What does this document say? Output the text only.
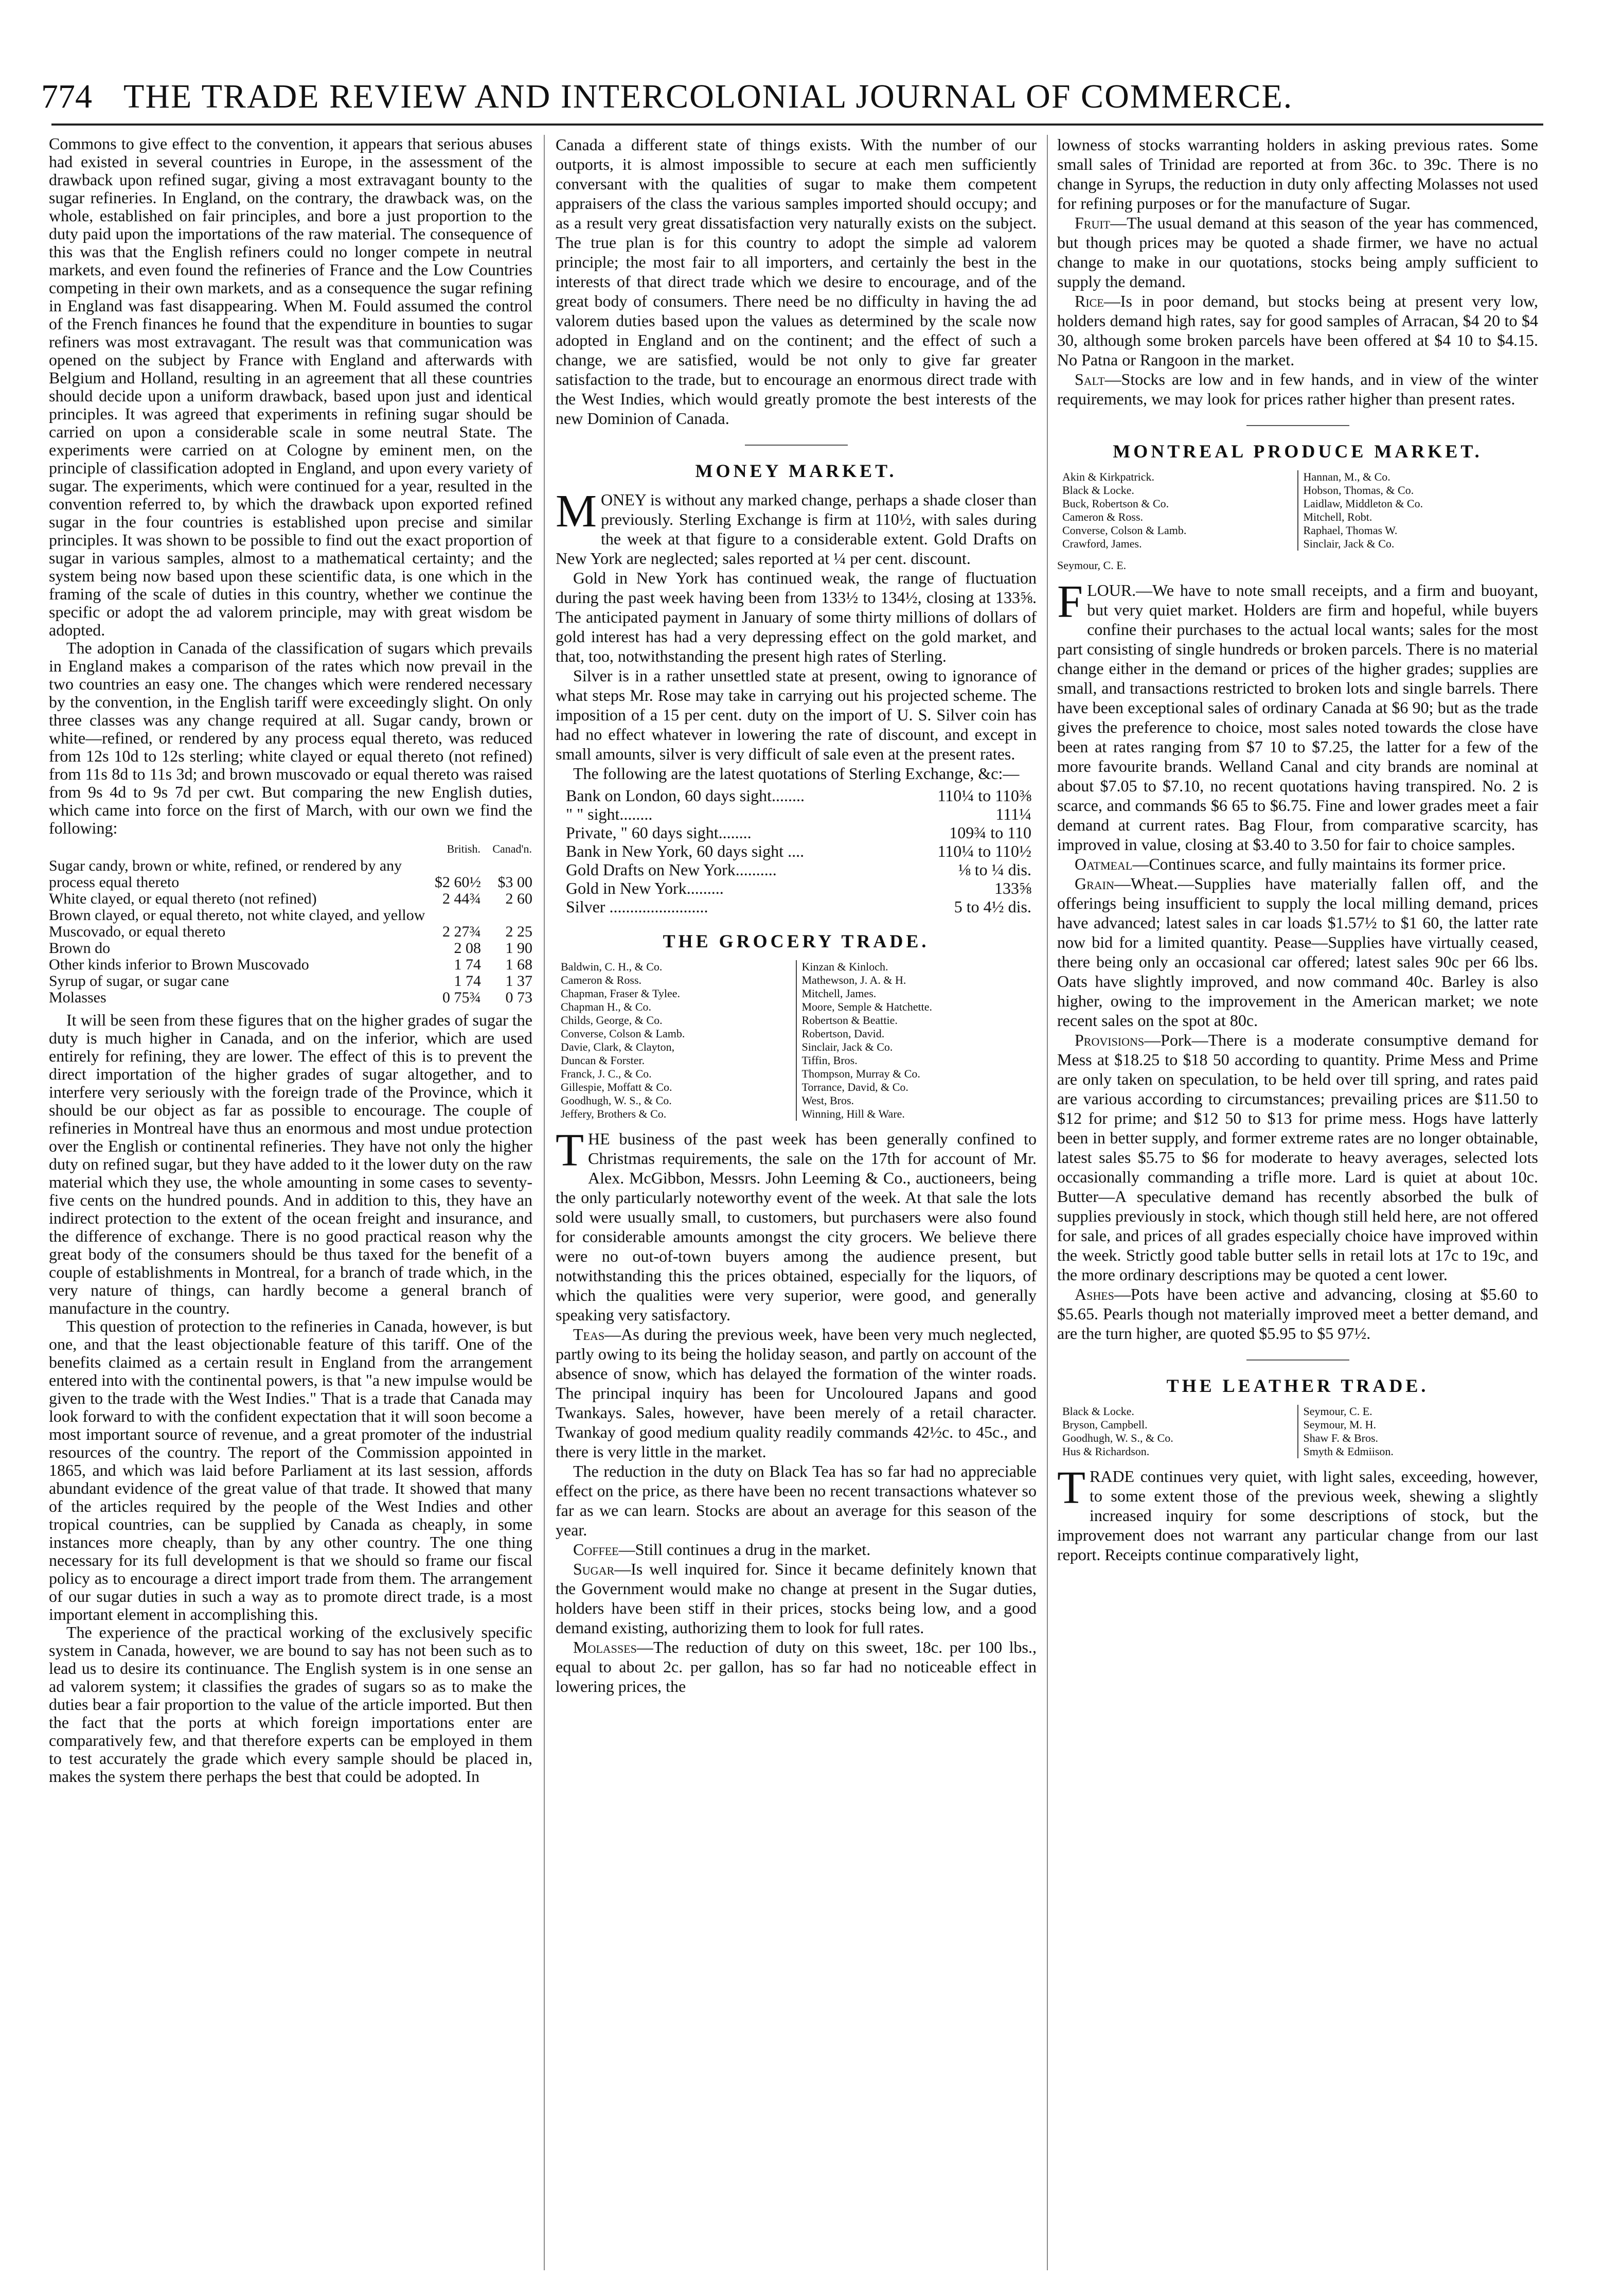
774 THE TRADE REVIEW AND INTERCOLONIAL JOURNAL OF COMMERCE.

Commons to give effect to the convention, it appears that serious abuses had existed in several countries in Europe, in the assessment of the drawback upon refined sugar, giving a most extravagant bounty to the sugar refineries. In England, on the contrary, the drawback was, on the whole, established on fair principles, and bore a just proportion to the duty paid upon the importations of the raw material. The consequence of this was that the English refiners could no longer compete in neutral markets, and even found the refineries of France and the Low Countries competing in their own markets, and as a consequence the sugar refining in England was fast disappearing. When M. Fould assumed the control of the French finances he found that the expenditure in bounties to sugar refiners was most extravagant. The result was that communication was opened on the subject by France with England and afterwards with Belgium and Holland, resulting in an agreement that all these countries should decide upon a uniform drawback, based upon just and identical principles. It was agreed that experiments in refining sugar should be carried on upon a considerable scale in some neutral State. The experiments were carried on at Cologne by eminent men, on the principle of classification adopted in England, and upon every variety of sugar. The experiments, which were continued for a year, resulted in the convention referred to, by which the drawback upon exported refined sugar in the four countries is established upon precise and similar principles. It was shown to be possible to find out the exact proportion of sugar in various samples, almost to a mathematical certainty; and the system being now based upon these scientific data, is one which in the framing of the scale of duties in this country, whether we continue the specific or adopt the ad valorem principle, may with great wisdom be adopted.

The adoption in Canada of the classification of sugars which prevails in England makes a comparison of the rates which now prevail in the two countries an easy one. The changes which were rendered necessary by the convention, in the English tariff were exceedingly slight. On only three classes was any change required at all. Sugar candy, brown or white—refined, or rendered by any process equal thereto, was reduced from 12s 10d to 12s sterling; white clayed or equal thereto (not refined) from 11s 8d to 11s 3d; and brown muscovado or equal thereto was raised from 9s 4d to 9s 7d per cwt. But comparing the new English duties, which came into force on the first of March, with our own we find the following:

	British.	Canad'n.
Sugar candy, brown or white, refined, or rendered by any process equal thereto	$2 60½	$3 00
White clayed, or equal thereto (not refined)	2 44¾	2 60
Brown clayed, or equal thereto, not white clayed, and yellow Muscovado, or equal thereto	2 27¾	2 25
Brown do	2 08	1 90
Other kinds inferior to Brown Muscovado	1 74	1 68
Syrup of sugar, or sugar cane	1 74	1 37
Molasses	0 75¾	0 73

It will be seen from these figures that on the higher grades of sugar the duty is much higher in Canada, and on the inferior, which are used entirely for refining, they are lower. The effect of this is to prevent the direct importation of the higher grades of sugar altogether, and to interfere very seriously with the foreign trade of the Province, which it should be our object as far as possible to encourage. The couple of refineries in Montreal have thus an enormous and most undue protection over the English or continental refineries. They have not only the higher duty on refined sugar, but they have added to it the lower duty on the raw material which they use, the whole amounting in some cases to seventy-five cents on the hundred pounds. And in addition to this, they have an indirect protection to the extent of the ocean freight and insurance, and the difference of exchange. There is no good practical reason why the great body of the consumers should be thus taxed for the benefit of a couple of establishments in Montreal, for a branch of trade which, in the very nature of things, can hardly become a general branch of manufacture in the country.

This question of protection to the refineries in Canada, however, is but one, and that the least objectionable feature of this tariff. One of the benefits claimed as a certain result in England from the arrangement entered into with the continental powers, is that "a new impulse would be given to the trade with the West Indies." That is a trade that Canada may look forward to with the confident expectation that it will soon become a most important source of revenue, and a great promoter of the industrial resources of the country. The report of the Commission appointed in 1865, and which was laid before Parliament at its last session, affords abundant evidence of the great value of that trade. It showed that many of the articles required by the people of the West Indies and other tropical countries, can be supplied by Canada as cheaply, in some instances more cheaply, than by any other country. The one thing necessary for its full development is that we should so frame our fiscal policy as to encourage a direct import trade from them. The arrangement of our sugar duties in such a way as to promote direct trade, is a most important element in accomplishing this.

The experience of the practical working of the exclusively specific system in Canada, however, we are bound to say has not been such as to lead us to desire its continuance. The English system is in one sense an ad valorem system; it classifies the grades of sugars so as to make the duties bear a fair proportion to the value of the article imported. But then the fact that the ports at which foreign importations enter are comparatively few, and that therefore experts can be employed in them to test accurately the grade which every sample should be placed in, makes the system there perhaps the best that could be adopted. In

Canada a different state of things exists. With the number of our outports, it is almost impossible to secure at each men sufficiently conversant with the qualities of sugar to make them competent appraisers of the class the various samples imported should occupy; and as a result very great dissatisfaction very naturally exists on the subject. The true plan is for this country to adopt the simple ad valorem principle; the most fair to all importers, and certainly the best in the interests of that direct trade which we desire to encourage, and of the great body of consumers. There need be no difficulty in having the ad valorem duties based upon the values as determined by the scale now adopted in England and on the continent; and the effect of such a change, we are satisfied, would be not only to give far greater satisfaction to the trade, but to encourage an enormous direct trade with the West Indies, which would greatly promote the best interests of the new Dominion of Canada.

MONEY MARKET.

MONEY is without any marked change, perhaps a shade closer than previously. Sterling Exchange is firm at 110½, with sales during the week at that figure to a considerable extent. Gold Drafts on New York are neglected; sales reported at ¼ per cent. discount.

Gold in New York has continued weak, the range of fluctuation during the past week having been from 133½ to 134½, closing at 133⅝. The anticipated payment in January of some thirty millions of dollars of gold interest has had a very depressing effect on the gold market, and that, too, notwithstanding the present high rates of Sterling.

Silver is in a rather unsettled state at present, owing to ignorance of what steps Mr. Rose may take in carrying out his projected scheme. The imposition of a 15 per cent. duty on the import of U. S. Silver coin has had no effect whatever in lowering the rate of discount, and except in small amounts, silver is very difficult of sale even at the present rates.

The following are the latest quotations of Sterling Exchange, &c:—

Bank on London, 60 days sight........	110¼ to 110⅜
" " sight........	111¼
Private, " 60 days sight........	109¾ to 110
Bank in New York, 60 days sight ....	110¼ to 110½
Gold Drafts on New York..........	⅛ to ¼ dis.
Gold in New York.........	133⅝
Silver ........................	5 to 4½ dis.
THE GROCERY TRADE.
Baldwin, C. H., & Co.
Cameron & Ross.
Chapman, Fraser & Tylee.
Chapman H., & Co.
Childs, George, & Co.
Converse, Colson & Lamb.
Davie, Clark, & Clayton,
Duncan & Forster.
Franck, J. C., & Co.
Gillespie, Moffatt & Co.
Goodhugh, W. S., & Co.
Jeffery, Brothers & Co.
Kinzan & Kinloch.
Mathewson, J. A. & H.
Mitchell, James.
Moore, Semple & Hatchette.
Robertson & Beattie.
Robertson, David.
Sinclair, Jack & Co.
Tiffin, Bros.
Thompson, Murray & Co.
Torrance, David, & Co.
West, Bros.
Winning, Hill & Ware.

THE business of the past week has been generally confined to Christmas requirements, the sale on the 17th for account of Mr. Alex. McGibbon, Messrs. John Leeming & Co., auctioneers, being the only particularly noteworthy event of the week. At that sale the lots sold were usually small, to customers, but purchasers were also found for considerable amounts amongst the city grocers. We believe there were no out-of-town buyers among the audience present, but notwithstanding this the prices obtained, especially for the liquors, of which the qualities were very superior, were good, and generally speaking very satisfactory.

Teas—As during the previous week, have been very much neglected, partly owing to its being the holiday season, and partly on account of the absence of snow, which has delayed the formation of the winter roads. The principal inquiry has been for Uncoloured Japans and good Twankays. Sales, however, have been merely of a retail character. Twankay of good medium quality readily commands 42½c. to 45c., and there is very little in the market.

The reduction in the duty on Black Tea has so far had no appreciable effect on the price, as there have been no recent transactions whatever so far as we can learn. Stocks are about an average for this season of the year.

Coffee—Still continues a drug in the market.

Sugar—Is well inquired for. Since it became definitely known that the Government would make no change at present in the Sugar duties, holders have been stiff in their prices, stocks being low, and a good demand existing, authorizing them to look for full rates.

Molasses—The reduction of duty on this sweet, 18c. per 100 lbs., equal to about 2c. per gallon, has so far had no noticeable effect in lowering prices, the

lowness of stocks warranting holders in asking previous rates. Some small sales of Trinidad are reported at from 36c. to 39c. There is no change in Syrups, the reduction in duty only affecting Molasses not used for refining purposes or for the manufacture of Sugar.

Fruit—The usual demand at this season of the year has commenced, but though prices may be quoted a shade firmer, we have no actual change to make in our quotations, stocks being amply sufficient to supply the demand.

Rice—Is in poor demand, but stocks being at present very low, holders demand high rates, say for good samples of Arracan, $4 20 to $4 30, although some broken parcels have been offered at $4 10 to $4.15. No Patna or Rangoon in the market.

Salt—Stocks are low and in few hands, and in view of the winter requirements, we may look for prices rather higher than present rates.

MONTREAL PRODUCE MARKET.
Akin & Kirkpatrick.
Black & Locke.
Buck, Robertson & Co.
Cameron & Ross.
Converse, Colson & Lamb.
Crawford, James.
Hannan, M., & Co.
Hobson, Thomas, & Co.
Laidlaw, Middleton & Co.
Mitchell, Robt.
Raphael, Thomas W.
Sinclair, Jack & Co.
Seymour, C. E.

FLOUR.—We have to note small receipts, and a firm and buoyant, but very quiet market. Holders are firm and hopeful, while buyers confine their purchases to the actual local wants; sales for the most part consisting of single hundreds or broken parcels. There is no material change either in the demand or prices of the higher grades; supplies are small, and transactions restricted to broken lots and single barrels. There have been exceptional sales of ordinary Canada at $6 90; but as the trade gives the preference to choice, most sales noted towards the close have been at rates ranging from $7 10 to $7.25, the latter for a few of the more favourite brands. Welland Canal and city brands are nominal at about $7.05 to $7.10, no recent quotations having transpired. No. 2 is scarce, and commands $6 65 to $6.75. Fine and lower grades meet a fair demand at current rates. Bag Flour, from comparative scarcity, has improved in value, closing at $3.40 to 3.50 for fair to choice samples.

Oatmeal—Continues scarce, and fully maintains its former price.

Grain—Wheat.—Supplies have materially fallen off, and the offerings being insufficient to supply the local milling demand, prices have advanced; latest sales in car loads $1.57½ to $1 60, the latter rate now bid for a limited quantity. Pease—Supplies have virtually ceased, there being only an occasional car offered; latest sales 90c per 66 lbs. Oats have slightly improved, and now command 40c. Barley is also higher, owing to the improvement in the American market; we note recent sales on the spot at 80c.

Provisions—Pork—There is a moderate consumptive demand for Mess at $18.25 to $18 50 according to quantity. Prime Mess and Prime are only taken on speculation, to be held over till spring, and rates paid are various according to circumstances; prevailing prices are $11.50 to $12 for prime; and $12 50 to $13 for prime mess. Hogs have latterly been in better supply, and former extreme rates are no longer obtainable, latest sales $5.75 to $6 for moderate to heavy averages, selected lots occasionally commanding a trifle more. Lard is quiet at about 10c. Butter—A speculative demand has recently absorbed the bulk of supplies previously in stock, which though still held here, are not offered for sale, and prices of all grades especially choice have improved within the week. Strictly good table butter sells in retail lots at 17c to 19c, and the more ordinary descriptions may be quoted a cent lower.

Ashes—Pots have been active and advancing, closing at $5.60 to $5.65. Pearls though not materially improved meet a better demand, and are the turn higher, are quoted $5.95 to $5 97½.

THE LEATHER TRADE.
Black & Locke.
Bryson, Campbell.
Goodhugh, W. S., & Co.
Hus & Richardson.
Seymour, C. E.
Seymour, M. H.
Shaw F. & Bros.
Smyth & Edmiison.

TRADE continues very quiet, with light sales, exceeding, however, to some extent those of the previous week, shewing a slightly increased inquiry for some descriptions of stock, but the improvement does not warrant any particular change from our last report. Receipts continue comparatively light,
